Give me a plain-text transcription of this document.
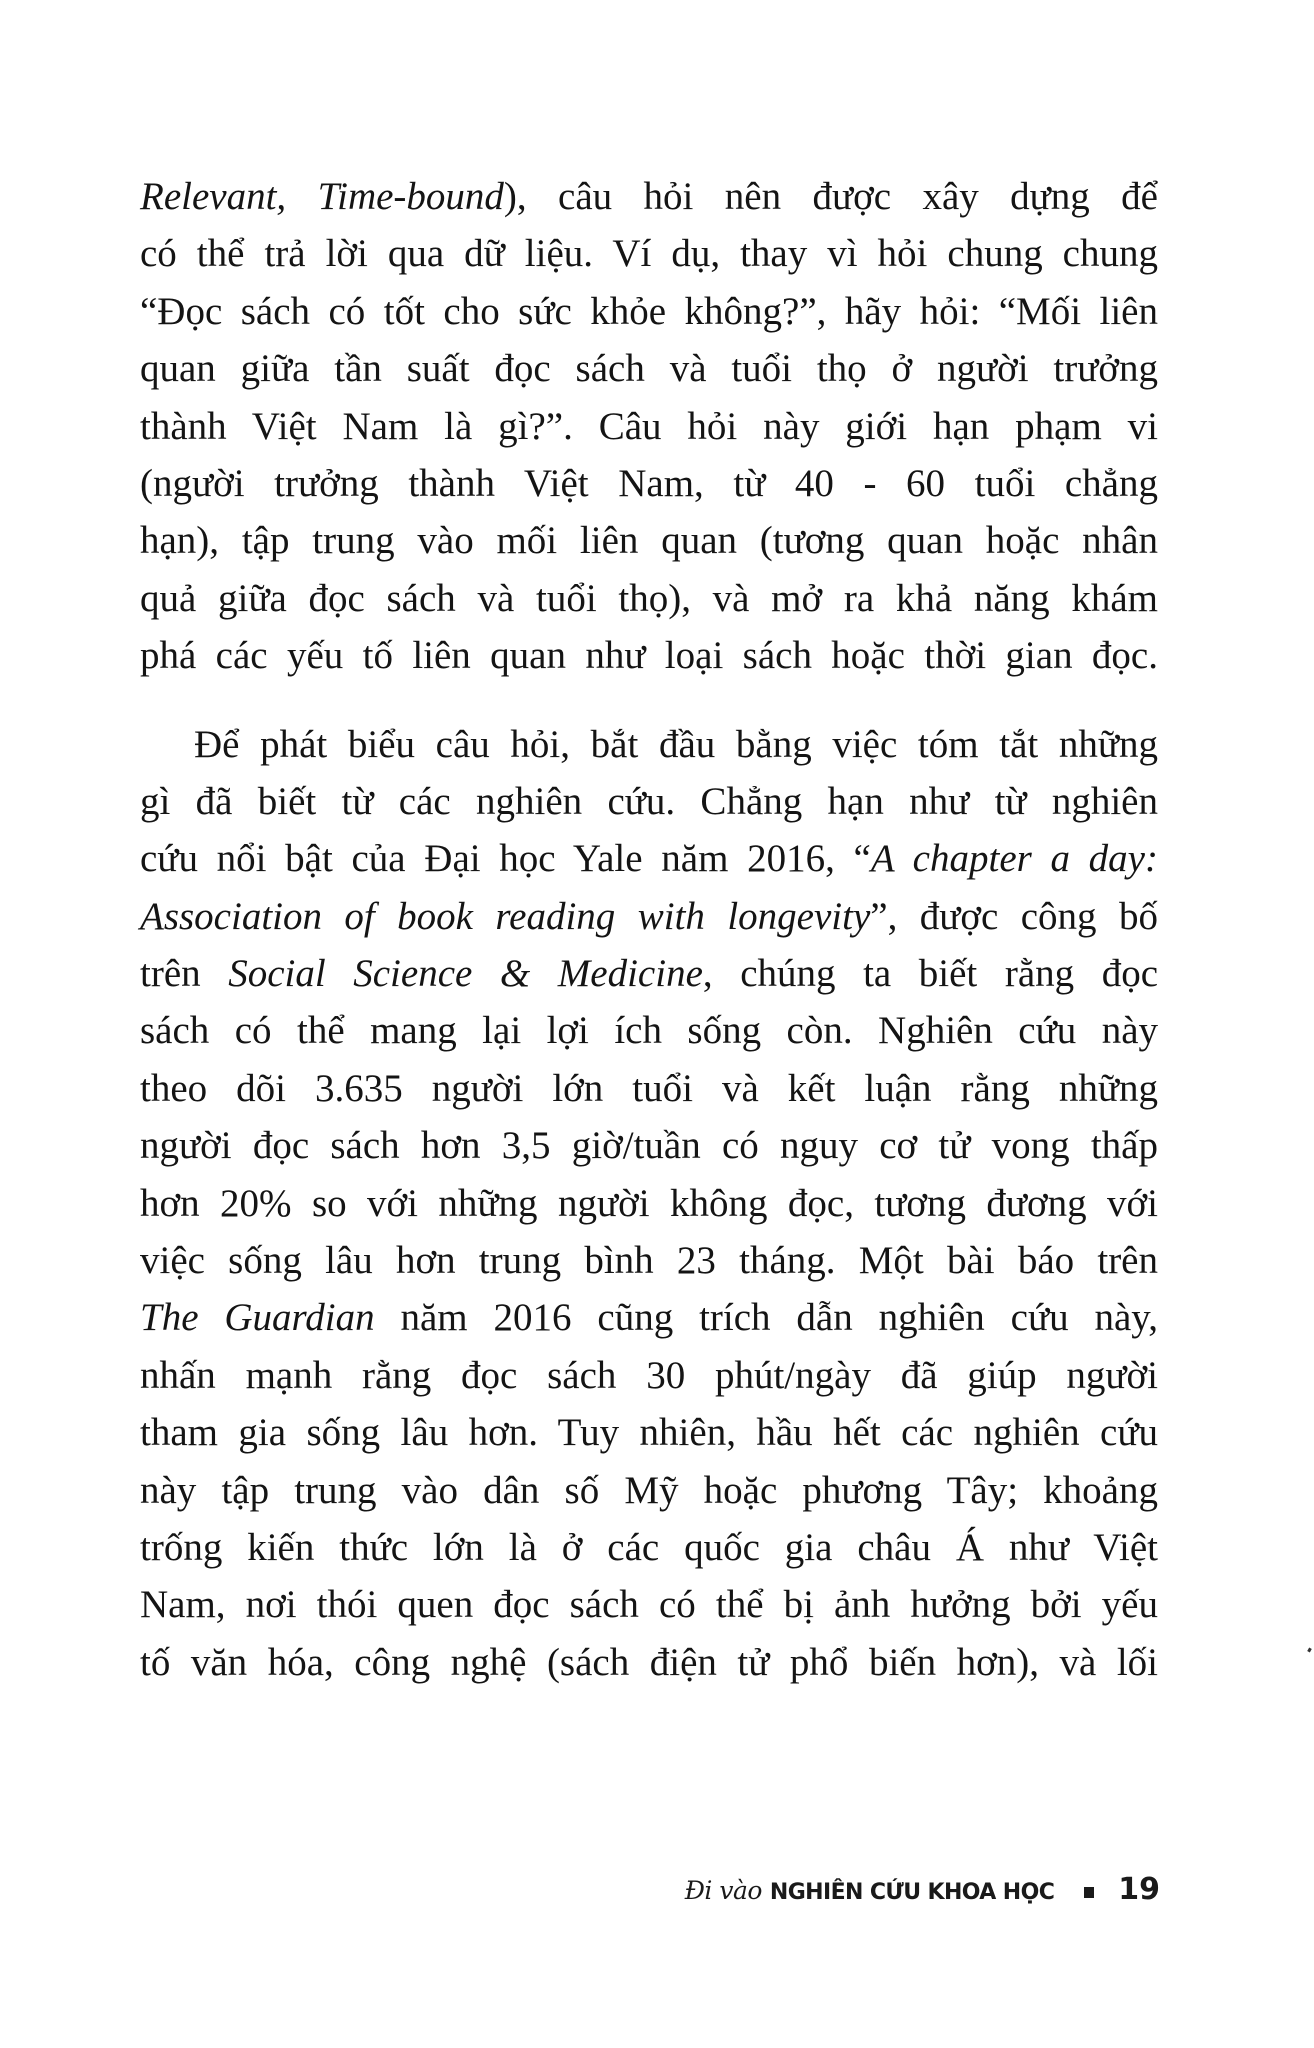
Relevant, Time-bound), câu hỏi nên được xây dựng để
có thể trả lời qua dữ liệu. Ví dụ, thay vì hỏi chung chung
“Đọc sách có tốt cho sức khỏe không?”, hãy hỏi: “Mối liên
quan giữa tần suất đọc sách và tuổi thọ ở người trưởng
thành Việt Nam là gì?”. Câu hỏi này giới hạn phạm vi
(người trưởng thành Việt Nam, từ 40 - 60 tuổi chẳng
hạn), tập trung vào mối liên quan (tương quan hoặc nhân
quả giữa đọc sách và tuổi thọ), và mở ra khả năng khám
phá các yếu tố liên quan như loại sách hoặc thời gian đọc.
Để phát biểu câu hỏi, bắt đầu bằng việc tóm tắt những
gì đã biết từ các nghiên cứu. Chẳng hạn như từ nghiên
cứu nổi bật của Đại học Yale năm 2016, “A chapter a day:
Association of book reading with longevity”, được công bố
trên Social Science & Medicine, chúng ta biết rằng đọc
sách có thể mang lại lợi ích sống còn. Nghiên cứu này
theo dõi 3.635 người lớn tuổi và kết luận rằng những
người đọc sách hơn 3,5 giờ/tuần có nguy cơ tử vong thấp
hơn 20% so với những người không đọc, tương đương với
việc sống lâu hơn trung bình 23 tháng. Một bài báo trên
The Guardian năm 2016 cũng trích dẫn nghiên cứu này,
nhấn mạnh rằng đọc sách 30 phút/ngày đã giúp người
tham gia sống lâu hơn. Tuy nhiên, hầu hết các nghiên cứu
này tập trung vào dân số Mỹ hoặc phương Tây; khoảng
trống kiến thức lớn là ở các quốc gia châu Á như Việt
Nam, nơi thói quen đọc sách có thể bị ảnh hưởng bởi yếu
tố văn hóa, công nghệ (sách điện tử phổ biến hơn), và lối
Đi vào NGHIÊN CỨU KHOA HỌC 19
